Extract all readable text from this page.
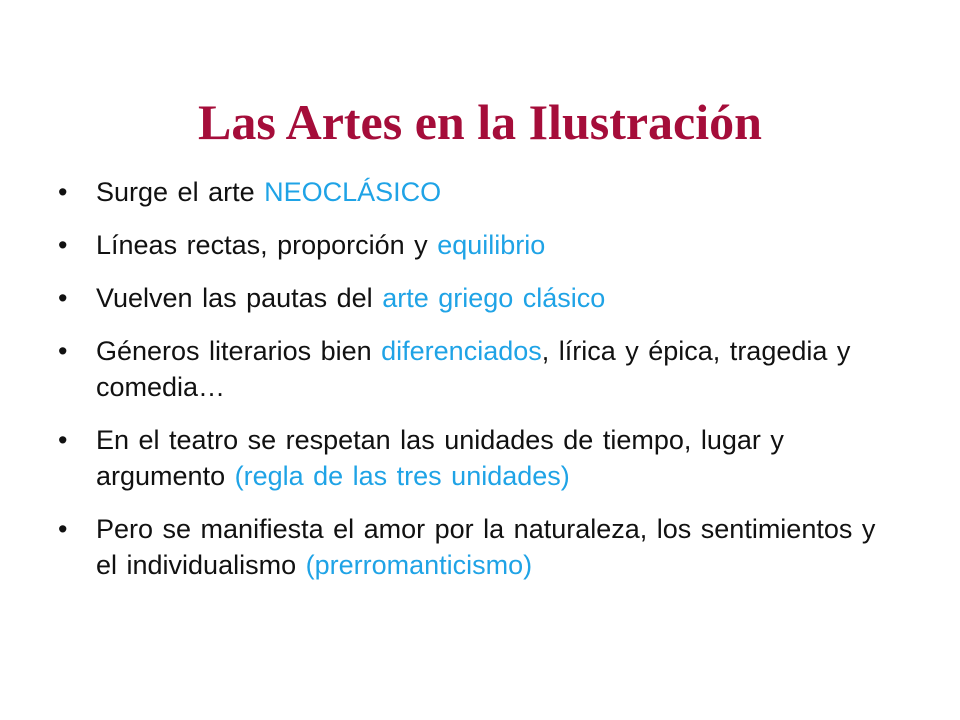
Las Artes en la Ilustración
• Surge el arte NEOCLÁSICO
• Líneas rectas, proporción y equilibrio
• Vuelven las pautas del arte griego clásico
• Géneros literarios bien diferenciados, lírica y épica, tragedia y comedia…
• En el teatro se respetan las unidades de tiempo, lugar y argumento (regla de las tres unidades)
• Pero se manifiesta el amor por la naturaleza, los sentimientos y el individualismo (prerromanticismo)
